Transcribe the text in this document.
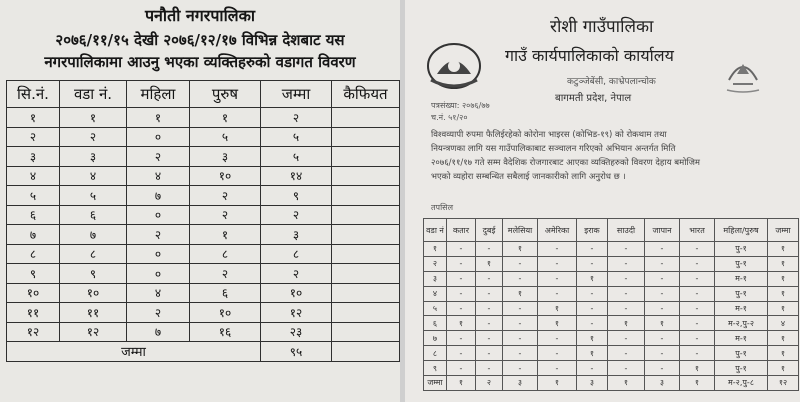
पनौती नगरपालिका
२०७६/११/१५ देखी २०७६/१२/१७ विभिन्न देशबाट यस
नगरपालिकामा आउनु भएका व्यक्तिहरुको वडागत विवरण
सि.नं.	वडा नं.	महिला	पुरुष	जम्मा	कैफियत
१	१	१	१	२	
२	२	०	५	५	
३	३	२	३	५	
४	४	४	१०	१४	
५	५	७	२	९	
६	६	०	२	२	
७	७	२	१	३	
८	८	०	८	८	
९	९	०	२	२	
१०	१०	४	६	१०	
११	११	२	१०	१२	
१२	१२	७	१६	२३	
जम्मा				९५	
रोशी गाउँपालिका
गाउँ कार्यपालिकाको कार्यालय
कटुञ्जेबेंसी, काभ्रेपलान्चोक
बागमती प्रदेश, नेपाल
पत्रसंख्या: २०७६/७७
च.नं. ५१/२०
विश्वव्यापी रुपमा फैलिईरहेको कोरोना भाइरस (कोभिड-१९) को रोकथाम तथा
नियन्त्रणका लागि यस गाउँपालिकाबाट सञ्चालन गरिएको अभियान अन्तर्गत मिति
२०७६/११/१७ गते सम्म वैदेशिक रोजगारबाट आएका व्यक्तिहरुको विवरण देहाय बमोजिम
भएको व्यहोरा सम्बन्धित सबैलाई जानकारीको लागि अनुरोध छ ।
तपसिल
वडा नं	कतार	दुबई	मलेसिया	अमेरिका	इराक	साउदी	जापान	भारत	महिला/पुरुष	जम्मा
१	-	-	१	-	-	-	-	-	पु-१	१
२	-	१	-	-	-	-	-	-	पु-१	१
३	-	-	-	-	१	-	-	-	म-१	१
४	-	-	१	-	-	-	-	-	पु-१	१
५	-	-	-	१	-	-	-	-	म-१	१
६	१	-	-	१	-	१	१	-	म-२,पु-२	४
७	-	-	-	-	१	-	-	-	म-१	१
८	-	-	-	-	१	-	-	-	पु-१	१
९	-	-	-	-	-	-	-	१	पु-१	१
जम्मा	१	२	३	१	३	१	३	१	म-२,पु-८	१२
